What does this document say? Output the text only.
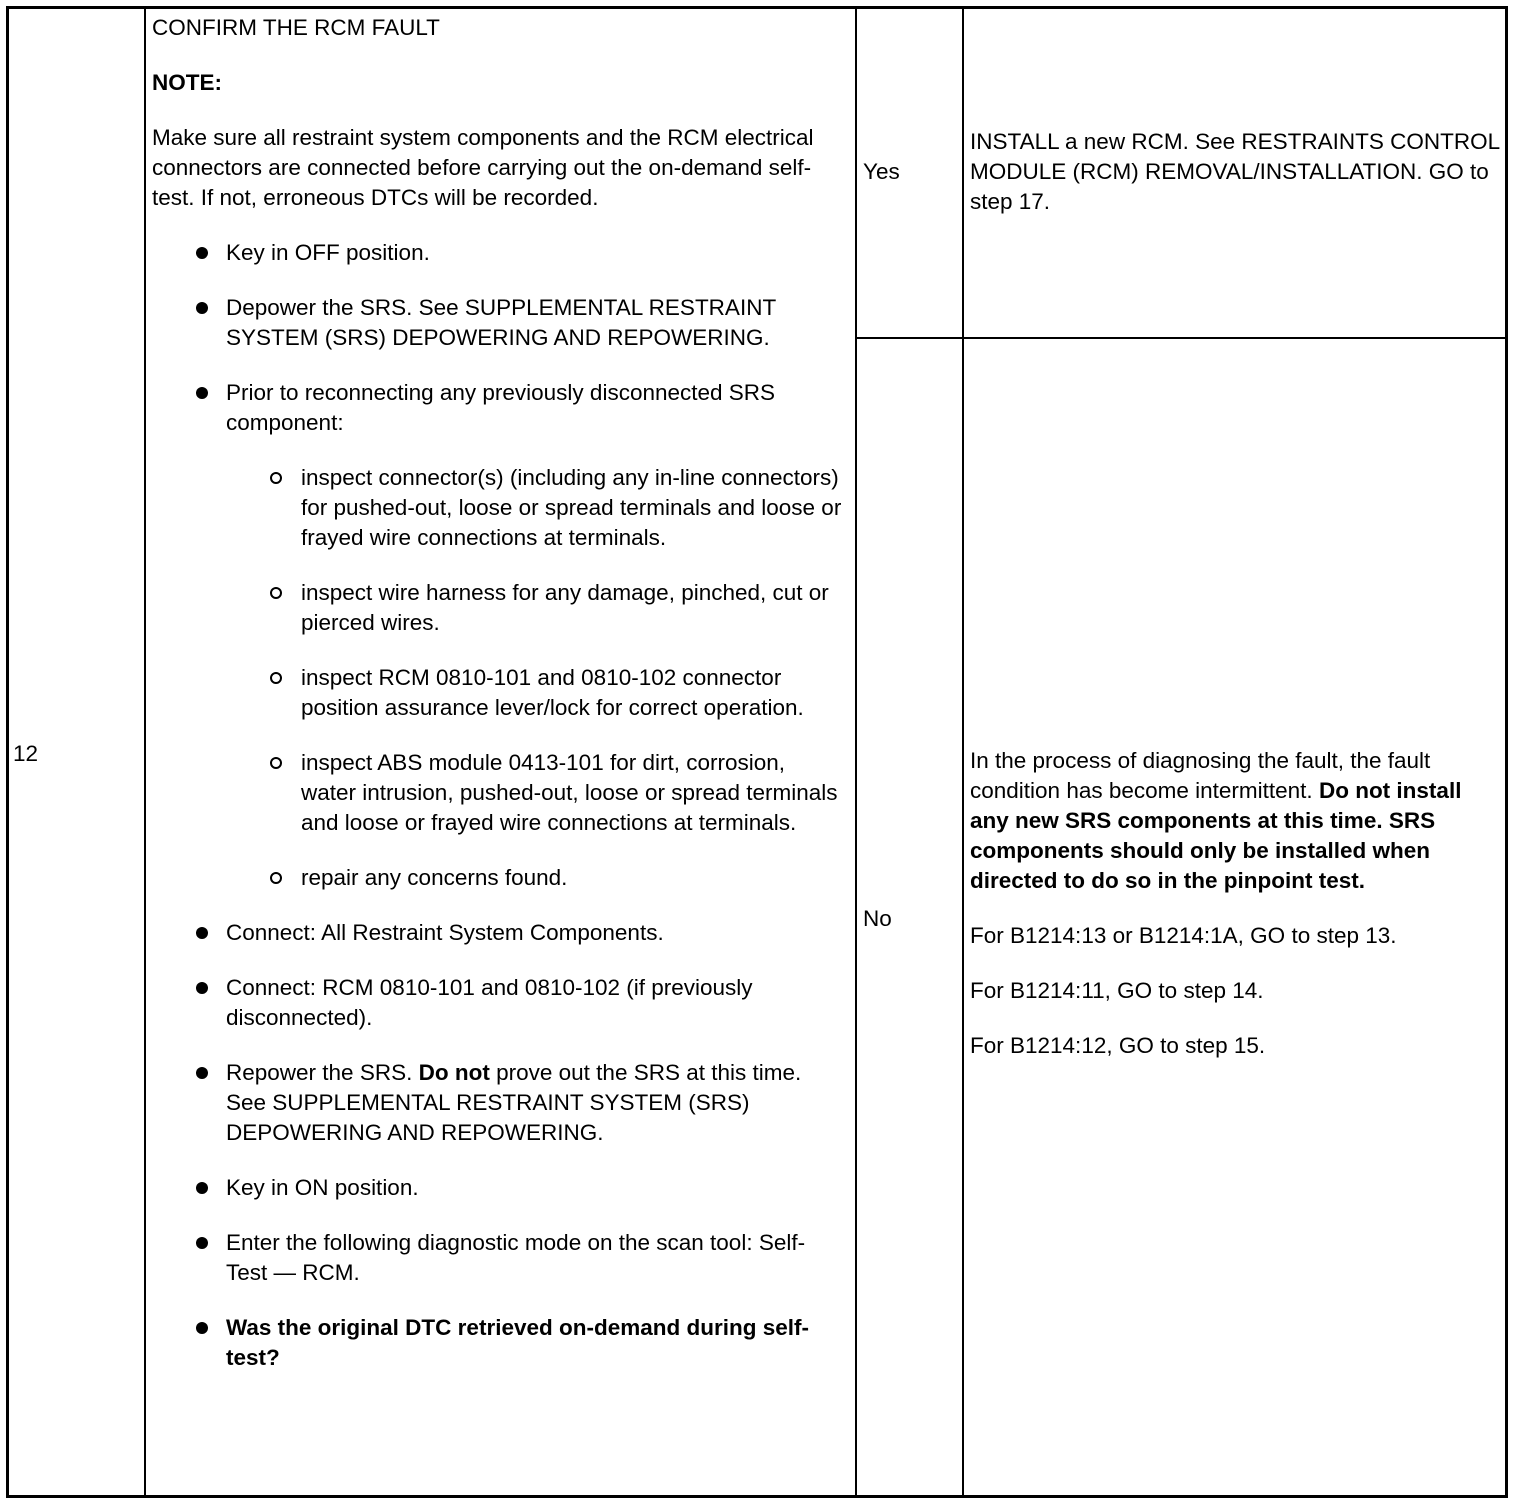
12

CONFIRM THE RCM FAULT

NOTE:

Make sure all restraint system components and the RCM electrical connectors are connected before carrying out the on-demand self-test. If not, erroneous DTCs will be recorded.

Key in OFF position.
Depower the SRS. See SUPPLEMENTAL RESTRAINT SYSTEM (SRS) DEPOWERING AND REPOWERING.
Prior to reconnecting any previously disconnected SRS component:
inspect connector(s) (including any in-line connectors) for pushed-out, loose or spread terminals and loose or frayed wire connections at terminals.
inspect wire harness for any damage, pinched, cut or pierced wires.
inspect RCM 0810-101 and 0810-102 connector position assurance lever/lock for correct operation.
inspect ABS module 0413-101 for dirt, corrosion, water intrusion, pushed-out, loose or spread terminals and loose or frayed wire connections at terminals.
repair any concerns found.
Connect: All Restraint System Components.
Connect: RCM 0810-101 and 0810-102 (if previously disconnected).
Repower the SRS. Do not prove out the SRS at this time. See SUPPLEMENTAL RESTRAINT SYSTEM (SRS) DEPOWERING AND REPOWERING.
Key in ON position.
Enter the following diagnostic mode on the scan tool: Self-Test — RCM.
Was the original DTC retrieved on-demand during self-test?
Yes
INSTALL a new RCM. See RESTRAINTS CONTROL MODULE (RCM) REMOVAL/INSTALLATION. GO to step 17.
No

In the process of diagnosing the fault, the fault condition has become intermittent. Do not install any new SRS components at this time. SRS components should only be installed when directed to do so in the pinpoint test.

For B1214:13 or B1214:1A, GO to step 13.

For B1214:11, GO to step 14.

For B1214:12, GO to step 15.
